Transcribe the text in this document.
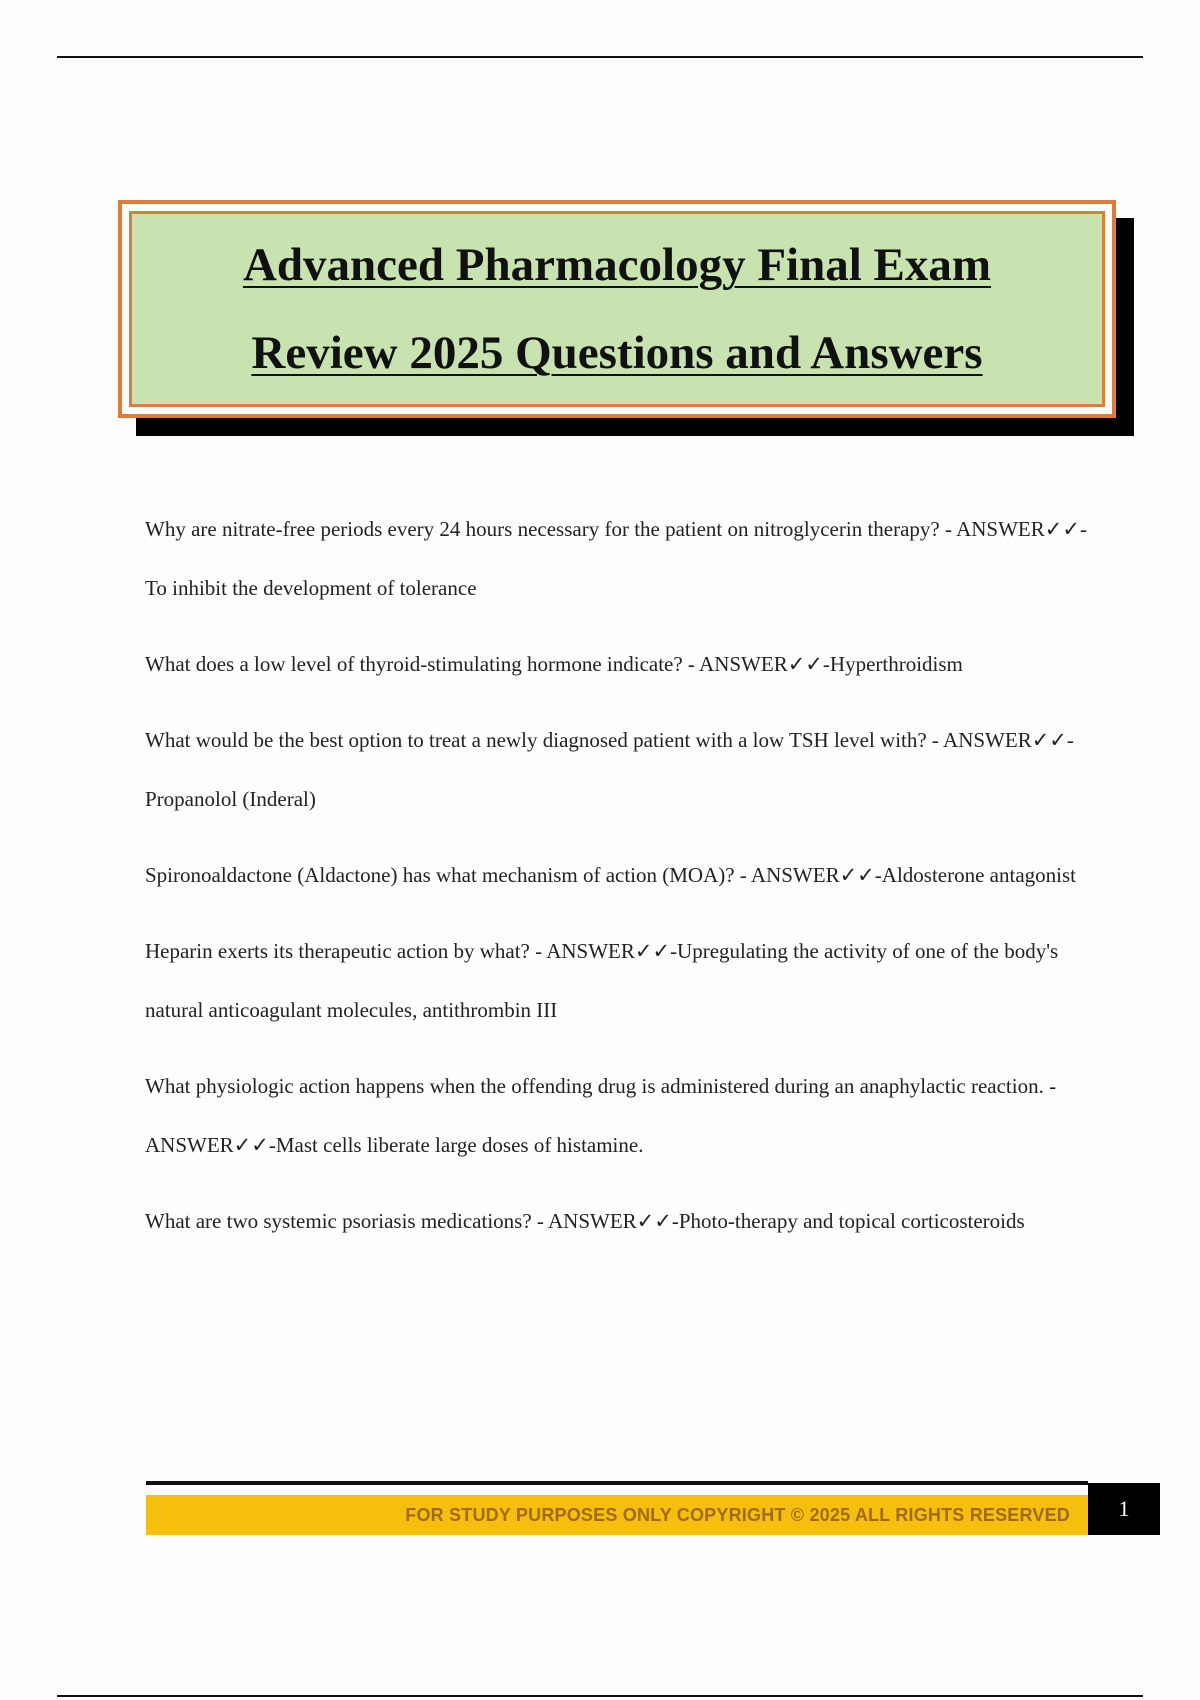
Advanced Pharmacology Final Exam
Review 2025 Questions and Answers

Why are nitrate-free periods every 24 hours necessary for the patient on nitroglycerin therapy? - ANSWER✓✓-To inhibit the development of tolerance

What does a low level of thyroid-stimulating hormone indicate? - ANSWER✓✓-Hyperthroidism

What would be the best option to treat a newly diagnosed patient with a low TSH level with? - ANSWER✓✓-Propanolol (Inderal)

Spironoaldactone (Aldactone) has what mechanism of action (MOA)? - ANSWER✓✓-Aldosterone antagonist

Heparin exerts its therapeutic action by what? - ANSWER✓✓-Upregulating the activity of one of the body's natural anticoagulant molecules, antithrombin III

What physiologic action happens when the offending drug is administered during an anaphylactic reaction. - ANSWER✓✓-Mast cells liberate large doses of histamine.

What are two systemic psoriasis medications? - ANSWER✓✓-Photo-therapy and topical corticosteroids

FOR STUDY PURPOSES ONLY COPYRIGHT © 2025 ALL RIGHTS RESERVED 1
